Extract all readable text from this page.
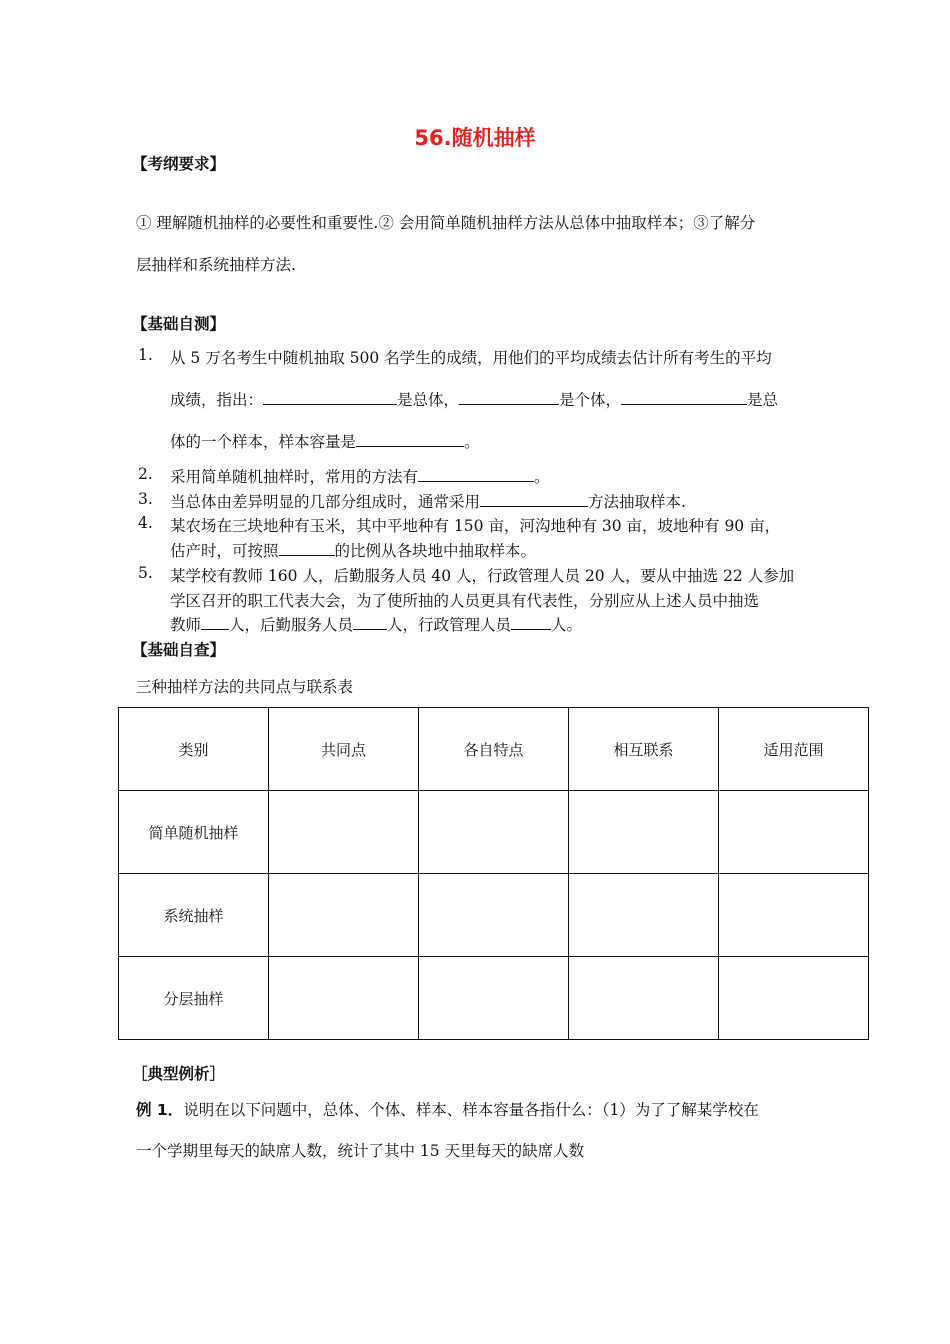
56.随机抽样
【考纲要求】
① 理解随机抽样的必要性和重要性.② 会用简单随机抽样方法从总体中抽取样本；③了解分
层抽样和系统抽样方法.
【基础自测】
1. 从 5 万名考生中随机抽取 500 名学生的成绩，用他们的平均成绩去估计所有考生的平均
成绩，指出：	是总体，	是个体，	是总
体的一个样本，样本容量是	。
2. 采用简单随机抽样时，常用的方法有	。
3. 当总体由差异明显的几部分组成时，通常采用	方法抽取样本.
4. 某农场在三块地种有玉米，其中平地种有 150 亩，河沟地种有 30 亩，坡地种有 90 亩，
估产时，可按照	的比例从各块地中抽取样本。
5. 某学校有教师 160 人，后勤服务人员 40 人，行政管理人员 20 人，要从中抽选 22 人参加
学区召开的职工代表大会，为了使所抽的人员更具有代表性，分别应从上述人员中抽选
教师 人，后勤服务人员 人，行政管理人员	人。
【基础自查】
三种抽样方法的共同点与联系表
类别	共同点	各自特点	相互联系	适用范围
简单随机抽样				
系统抽样				
分层抽样				
［典型例析］
例 1．说明在以下问题中，总体、个体、样本、样本容量各指什么：（1）为了了解某学校在
一个学期里每天的缺席人数，统计了其中 15 天里每天的缺席人数
